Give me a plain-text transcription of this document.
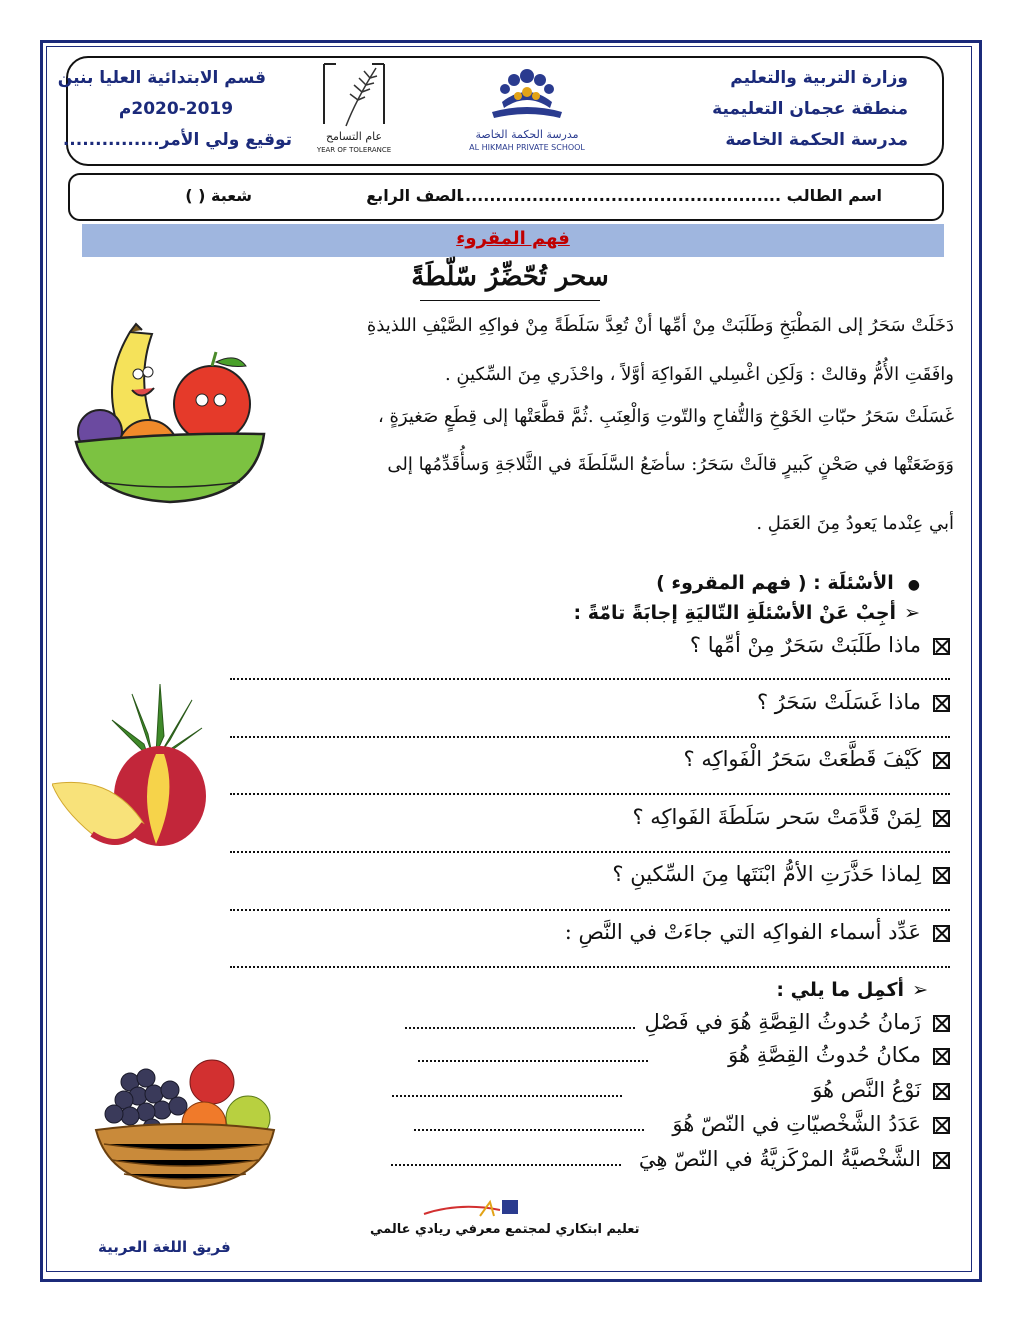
وزارة التربية والتعليم
منطقة عجمان التعليمية
مدرسة الحكمة الخاصة
قسم الابتدائية العليا بنين
2020-2019م
توقيع ولي الأمر...............	مدرسة الحكمة الخاصة
AL HIKMAH PRIVATE SCHOOL
عام التسامح
YEAR OF TOLERANCE
اسم الطالب .....................................................
الصف الرابع
شعبة ( )
فهم المقروء
سحر تُحّضِّرُ سّلّطَةً
دَخَلَتْ سَحَرُ إلى المَطْبَخِ وَطَلَبَتْ مِنْ أمِّها أنْ تُعِدَّ سَلَطَةً مِنْ فواكِهِ الصَّيْفِ اللذيذةِ
وافَقَتِ الأُمُّ وقالتْ : وَلَكِن اغْسِلي الفَواكِهَ أوَّلاً ، واحْذَري مِنَ السِّكينِ .
غَسَلَتْ سَحَرُ حبّاتِ الخَوْخِ وَالتُّفاحِ والتّوتِ وَالْعِنَبِ .ثُمَّ قطَّعَتْها إلى قِطَعٍ صَغيرَةٍ ،
وَوَضَعَتْها في صَحْنٍ كَبيرٍ قالَتْ سَحَرُ: سأضَعُ السَّلَطَةَ في الثَّلاجَةِ وَسأُقَدِّمُها إلى
أبي عِنْدما يَعودُ مِنَ العَمَلِ .
●الأسْئلَة : ( فهم المقروء )
➢أجِبْ عَنْ الأسْئلَةِ التّاليَةِ إجابَةً تامّةً :
ماذا طَلَبَتْ سَحَرٌ مِنْ أمِّها ؟
ماذا غَسَلَتْ سَحَرُ ؟
كَيْفَ قَطَّعَتْ سَحَرُ الْفَواكِه ؟
لِمَنْ قَدَّمَتْ سَحر سَلَطَةَ الفَواكِه ؟
لِماذا حَذَّرَتِ الأمُّ ابْنَتَها مِنَ السِّكينِ ؟
عَدِّد أسماء الفواكِه التي جاءَتْ في النَّصِ :
➢أكمِل ما يلي :
زَمانُ حُدوثُ القِصَّةِ هُوَ في فَصْلِ
مكانُ حُدوثُ القِصَّةِ هُوَ
نَوْعُ النَّص هُوَ
عَدَدُ الشَّخْصيّاتِ في النّصّ هُوَ
الشَّخْصيَّةُ المرْكَزيَّةُ في النّصّ هِيَ
تعليم ابتكاري لمجتمع معرفي ريادي عالمي
فريق اللغة العربية
